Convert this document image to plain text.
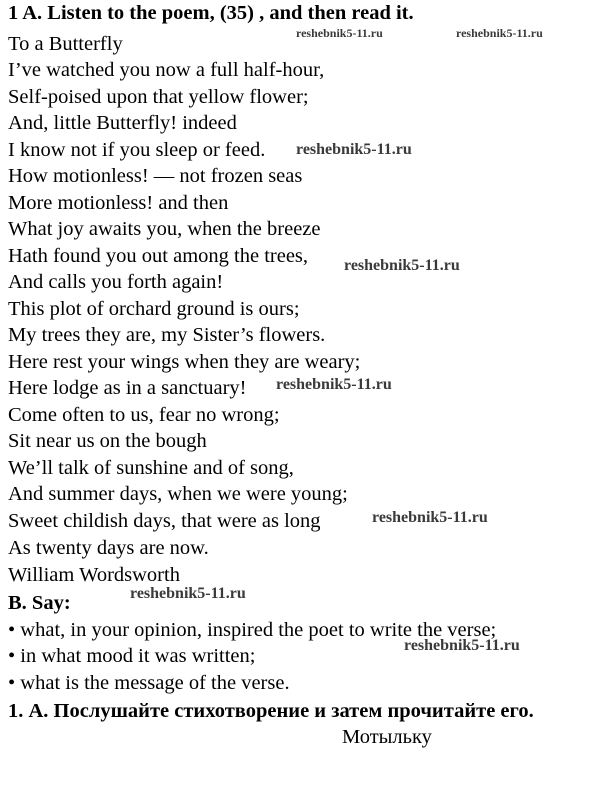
1 A. Listen to the poem, (35) , and then read it.
To a Butterfly
I’ve watched you now a full half-hour,
Self-poised upon that yellow flower;
And, little Butterfly! indeed
I know not if you sleep or feed.
How motionless! — not frozen seas
More motionless! and then
What joy awaits you, when the breeze
Hath found you out among the trees,
And calls you forth again!
This plot of orchard ground is ours;
My trees they are, my Sister’s flowers.
Here rest your wings when they are weary;
Here lodge as in a sanctuary!
Come often to us, fear no wrong;
Sit near us on the bough
We’ll talk of sunshine and of song,
And summer days, when we were young;
Sweet childish days, that were as long
As twenty days are now.
William Wordsworth
B. Say:
• what, in your opinion, inspired the poet to write the verse;
• in what mood it was written;
• what is the message of the verse.
1. А. Послушайте стихотворение и затем прочитайте его.
Мотыльку
reshebnik5-11.ru	reshebnik5-11.ru
reshebnik5-11.ru
reshebnik5-11.ru
reshebnik5-11.ru
reshebnik5-11.ru
reshebnik5-11.ru
reshebnik5-11.ru
